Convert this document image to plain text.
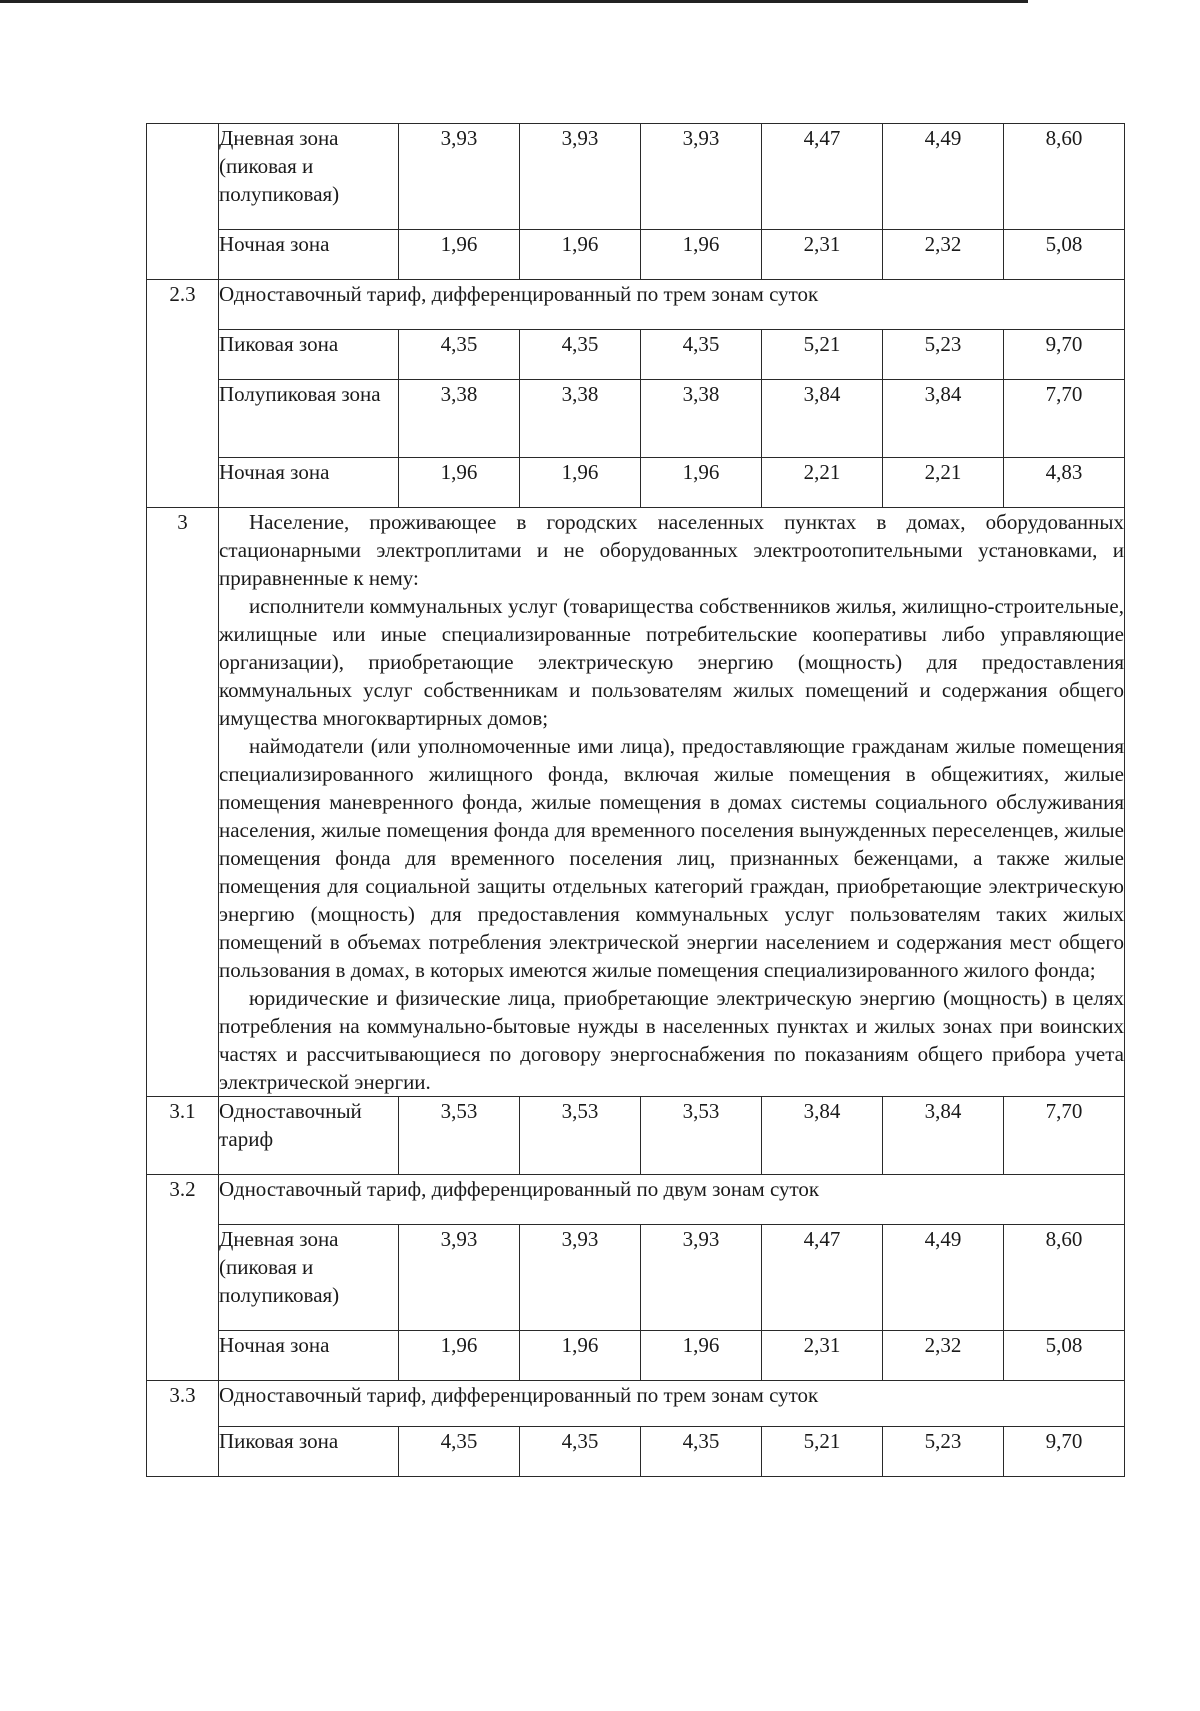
	Дневная зона (пиковая и полупиковая)	3,93	3,93	3,93	4,47	4,49	8,60
	Ночная зона	1,96	1,96	1,96	2,31	2,32	5,08
2.3	Одноставочный тариф, дифференцированный по трем зонам суток						
	Пиковая зона	4,35	4,35	4,35	5,21	5,23	9,70
	Полупиковая зона	3,38	3,38	3,38	3,84	3,84	7,70
	Ночная зона	1,96	1,96	1,96	2,21	2,21	4,83
3	Население, проживающее в городских населенных пунктах в домах, оборудованных стационарными электроплитами и не оборудованных электроотопительными установками, и приравненные к нему:

исполнители коммунальных услуг (товарищества собственников жилья, жилищно-строительные, жилищные или иные специализированные потребительские кооперативы либо управляющие организации), приобретающие электрическую энергию (мощность) для предоставления коммунальных услуг собственникам и пользователям жилых помещений и содержания общего имущества многоквартирных домов;

наймодатели (или уполномоченные ими лица), предоставляющие гражданам жилые помещения специализированного жилищного фонда, включая жилые помещения в общежитиях, жилые помещения маневренного фонда, жилые помещения в домах системы социального обслуживания населения, жилые помещения фонда для временного поселения вынужденных переселенцев, жилые помещения фонда для временного поселения лиц, признанных беженцами, а также жилые помещения для социальной защиты отдельных категорий граждан, приобретающие электрическую энергию (мощность) для предоставления коммунальных услуг пользователям таких жилых помещений в объемах потребления электрической энергии населением и содержания мест общего пользования в домах, в которых имеются жилые помещения специализированного жилого фонда;

юридические и физические лица, приобретающие электрическую энергию (мощность) в целях потребления на коммунально-бытовые нужды в населенных пунктах и жилых зонах при воинских частях и рассчитывающиеся по договору энергоснабжения по показаниям общего прибора учета электрической энергии.						

3.1	Одноставочный тариф	3,53	3,53	3,53	3,84	3,84	7,70
3.2	Одноставочный тариф, дифференцированный по двум зонам суток						
	Дневная зона (пиковая и полупиковая)	3,93	3,93	3,93	4,47	4,49	8,60
	Ночная зона	1,96	1,96	1,96	2,31	2,32	5,08
3.3	Одноставочный тариф, дифференцированный по трем зонам суток						
	Пиковая зона	4,35	4,35	4,35	5,21	5,23	9,70
